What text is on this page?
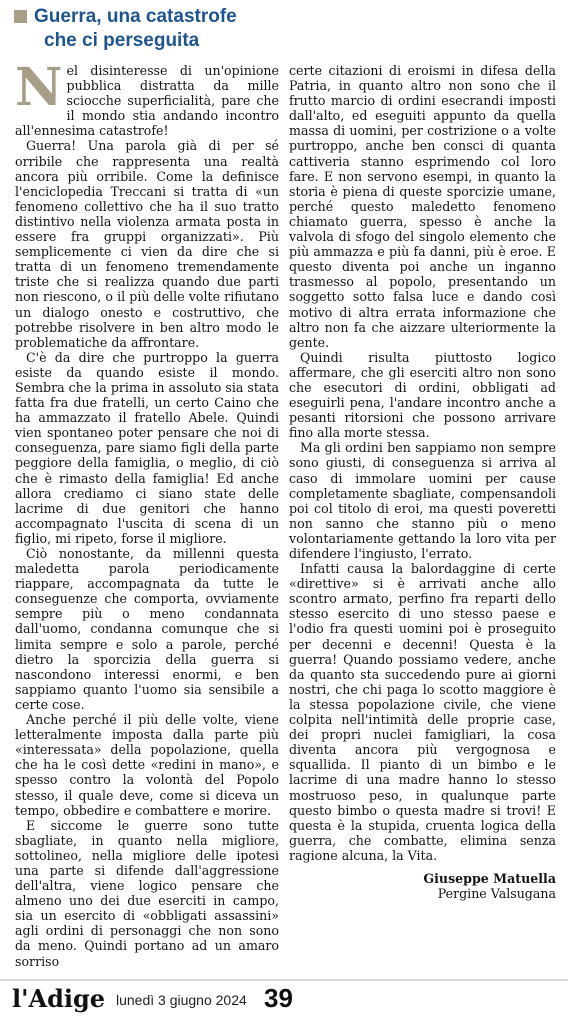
Guerra, una catastrofe
che ci perseguita

Nel disinteresse di un'opinione pubblica distratta da mille sciocche superficialità, pare che il mondo stia andando incontro all'ennesima catastrofe!

Guerra! Una parola già di per sé orribile che rappresenta una realtà ancora più orribile. Come la definisce l'enciclopedia Treccani si tratta di «un fenomeno collettivo che ha il suo tratto distintivo nella violenza armata posta in essere fra gruppi organizzati». Più semplicemente ci vien da dire che si tratta di un fenomeno tremendamente triste che si realizza quando due parti non riescono, o il più delle volte rifiutano un dialogo onesto e costruttivo, che potrebbe risolvere in ben altro modo le problematiche da affrontare.

C'è da dire che purtroppo la guerra esiste da quando esiste il mondo. Sembra che la prima in assoluto sia stata fatta fra due fratelli, un certo Caino che ha ammazzato il fratello Abele. Quindi vien spontaneo poter pensare che noi di conseguenza, pare siamo figli della parte peggiore della famiglia, o meglio, di ciò che è rimasto della famiglia! Ed anche allora crediamo ci siano state delle lacrime di due genitori che hanno accompagnato l'uscita di scena di un figlio, mi ripeto, forse il migliore.

Ciò nonostante, da millenni questa maledetta parola periodicamente riappare, accompagnata da tutte le conseguenze che comporta, ovviamente sempre più o meno condannata dall'uomo, condanna comunque che si limita sempre e solo a parole, perché dietro la sporcizia della guerra si nascondono interessi enormi, e ben sappiamo quanto l'uomo sia sensibile a certe cose.

Anche perché il più delle volte, viene letteralmente imposta dalla parte più «interessata» della popolazione, quella che ha le così dette «redini in mano», e spesso contro la volontà del Popolo stesso, il quale deve, come si diceva un tempo, obbedire e combattere e morire.

E siccome le guerre sono tutte sbagliate, in quanto nella migliore, sottolineo, nella migliore delle ipotesi una parte si difende dall'aggressione dell'altra, viene logico pensare che almeno uno dei due eserciti in campo, sia un esercito di «obbligati assassini» agli ordini di personaggi che non sono da meno. Quindi portano ad un amaro sorriso

certe citazioni di eroismi in difesa della Patria, in quanto altro non sono che il frutto marcio di ordini esecrandi imposti dall'alto, ed eseguiti appunto da quella massa di uomini, per costrizione o a volte purtroppo, anche ben consci di quanta cattiveria stanno esprimendo col loro fare. E non servono esempi, in quanto la storia è piena di queste sporcizie umane, perché questo maledetto fenomeno chiamato guerra, spesso è anche la valvola di sfogo del singolo elemento che più ammazza e più fa danni, più è eroe. E questo diventa poi anche un inganno trasmesso al popolo, presentando un soggetto sotto falsa luce e dando così motivo di altra errata informazione che altro non fa che aizzare ulteriormente la gente.

Quindi risulta piuttosto logico affermare, che gli eserciti altro non sono che esecutori di ordini, obbligati ad eseguirli pena, l'andare incontro anche a pesanti ritorsioni che possono arrivare fino alla morte stessa.

Ma gli ordini ben sappiamo non sempre sono giusti, di conseguenza si arriva al caso di immolare uomini per cause completamente sbagliate, compensandoli poi col titolo di eroi, ma questi poveretti non sanno che stanno più o meno volontariamente gettando la loro vita per difendere l'ingiusto, l'errato.

Infatti causa la balordaggine di certe «direttive» si è arrivati anche allo scontro armato, perfino fra reparti dello stesso esercito di uno stesso paese e l'odio fra questi uomini poi è proseguito per decenni e decenni! Questa è la guerra! Quando possiamo vedere, anche da quanto sta succedendo pure ai giorni nostri, che chi paga lo scotto maggiore è la stessa popolazione civile, che viene colpita nell'intimità delle proprie case, dei propri nuclei famigliari, la cosa diventa ancora più vergognosa e squallida. Il pianto di un bimbo e le lacrime di una madre hanno lo stesso mostruoso peso, in qualunque parte questo bimbo o questa madre si trovi! E questa è la stupida, cruenta logica della guerra, che combatte, elimina senza ragione alcuna, la Vita.

Giuseppe Matuella
Pergine Valsugana
l'Adige lunedì 3 giugno 2024 39
